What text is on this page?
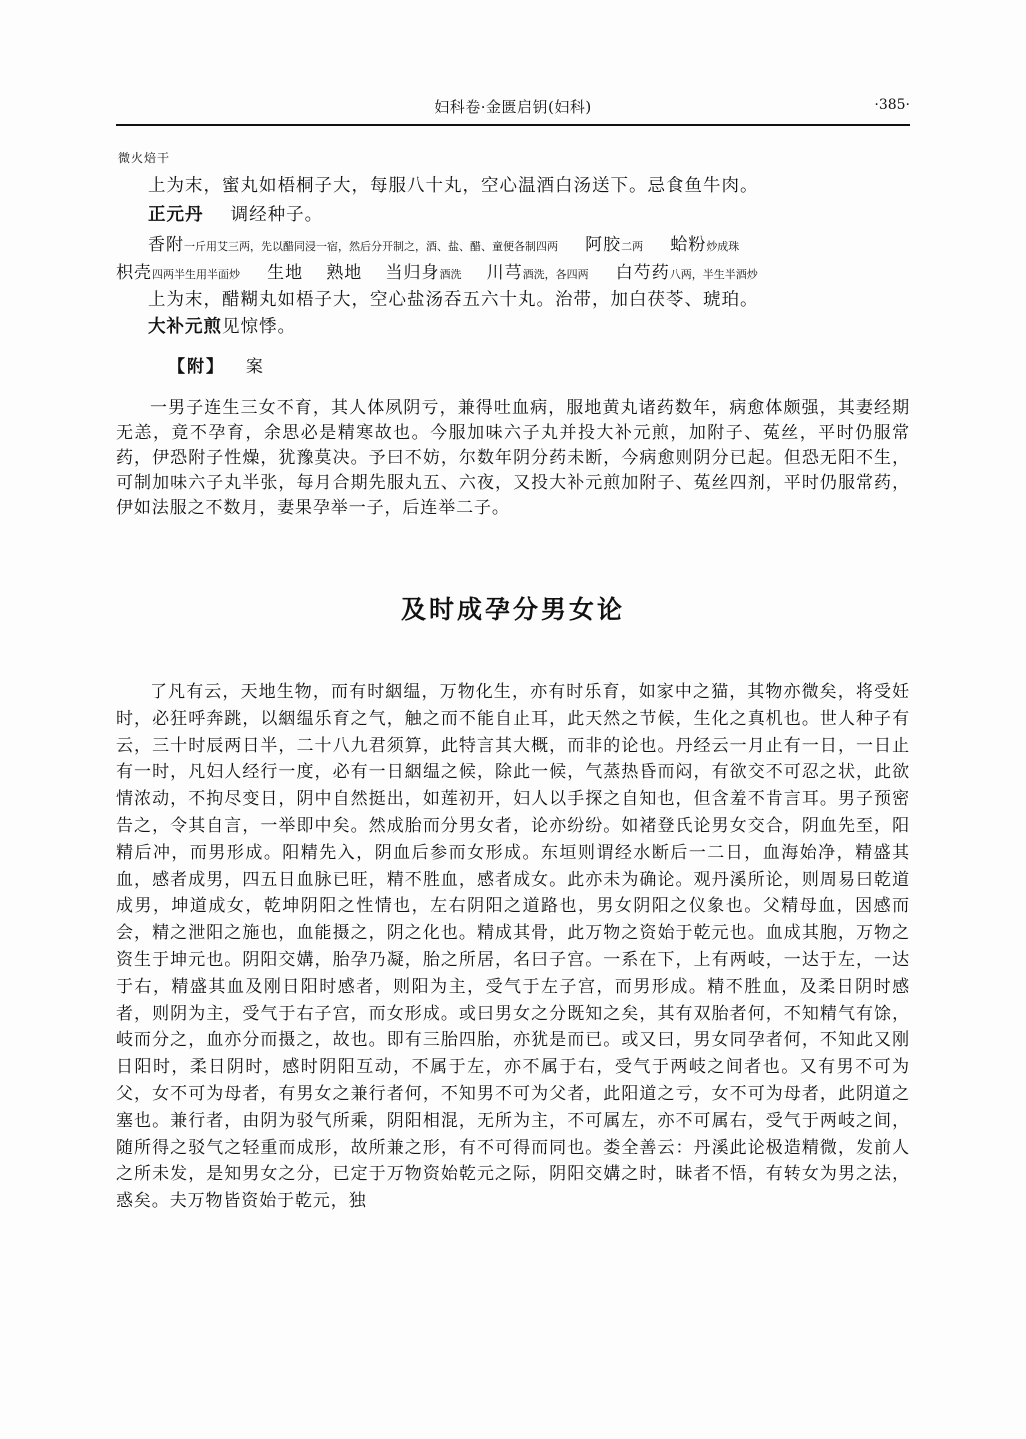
妇科卷·金匮启钥(妇科)	·385·
微火焙干
上为末，蜜丸如梧桐子大，每服八十丸，空心温酒白汤送下。忌食鱼牛肉。
正元丹 调经种子。
香附一斤用艾三两，先以醋同浸一宿，然后分开制之，酒、盐、醋、童便各制四两 阿胶二两 蛤粉炒成珠
枳壳四两半生用半面炒 生地 熟地 当归身酒洗 川芎酒洗，各四两 白芍药八两，半生半酒炒
上为末，醋糊丸如梧子大，空心盐汤吞五六十丸。治带，加白茯苓、琥珀。
大补元煎见惊悸。
【附】 案
一男子连生三女不育，其人体夙阴亏，兼得吐血病，服地黄丸诸药数年，病愈体颇强，其妻经期无恙，竟不孕育，余思必是精寒故也。今服加味六子丸并投大补元煎，加附子、菟丝，平时仍服常药，伊恐附子性燥，犹豫莫决。予曰不妨，尔数年阴分药未断，今病愈则阴分已起。但恐无阳不生，可制加味六子丸半张，每月合期先服丸五、六夜，又投大补元煎加附子、菟丝四剂，平时仍服常药，伊如法服之不数月，妻果孕举一子，后连举二子。
及时成孕分男女论
了凡有云，天地生物，而有时絪缊，万物化生，亦有时乐育，如家中之猫，其物亦微矣，将受妊时，必狂呼奔跳，以絪缊乐育之气，触之而不能自止耳，此天然之节候，生化之真机也。世人种子有云，三十时辰两日半，二十八九君须算，此特言其大概，而非的论也。丹经云一月止有一日，一日止有一时，凡妇人经行一度，必有一日絪缊之候，除此一候，气蒸热昏而闷，有欲交不可忍之状，此欲情浓动，不拘尽变日，阴中自然挺出，如莲初开，妇人以手探之自知也，但含羞不肯言耳。男子预密告之，令其自言，一举即中矣。然成胎而分男女者，论亦纷纷。如褚登氏论男女交合，阴血先至，阳精后冲，而男形成。阳精先入，阴血后参而女形成。东垣则谓经水断后一二日，血海始净，精盛其血，感者成男，四五日血脉已旺，精不胜血，感者成女。此亦未为确论。观丹溪所论，则周易曰乾道成男，坤道成女，乾坤阴阳之性情也，左右阴阳之道路也，男女阴阳之仪象也。父精母血，因感而会，精之泄阳之施也，血能摄之，阴之化也。精成其骨，此万物之资始于乾元也。血成其胞，万物之资生于坤元也。阴阳交媾，胎孕乃凝，胎之所居，名曰子宫。一系在下，上有两岐，一达于左，一达于右，精盛其血及刚日阳时感者，则阳为主，受气于左子宫，而男形成。精不胜血，及柔日阴时感者，则阴为主，受气于右子宫，而女形成。或曰男女之分既知之矣，其有双胎者何，不知精气有馀，岐而分之，血亦分而摄之，故也。即有三胎四胎，亦犹是而已。或又曰，男女同孕者何，不知此又刚日阳时，柔日阴时，感时阴阳互动，不属于左，亦不属于右，受气于两岐之间者也。又有男不可为父，女不可为母者，有男女之兼行者何，不知男不可为父者，此阳道之亏，女不可为母者，此阴道之塞也。兼行者，由阴为驳气所乘，阴阳相混，无所为主，不可属左，亦不可属右，受气于两岐之间，随所得之驳气之轻重而成形，故所兼之形，有不可得而同也。娄全善云：丹溪此论极造精微，发前人之所未发，是知男女之分，已定于万物资始乾元之际，阴阳交媾之时，昧者不悟，有转女为男之法，惑矣。夫万物皆资始于乾元，独
